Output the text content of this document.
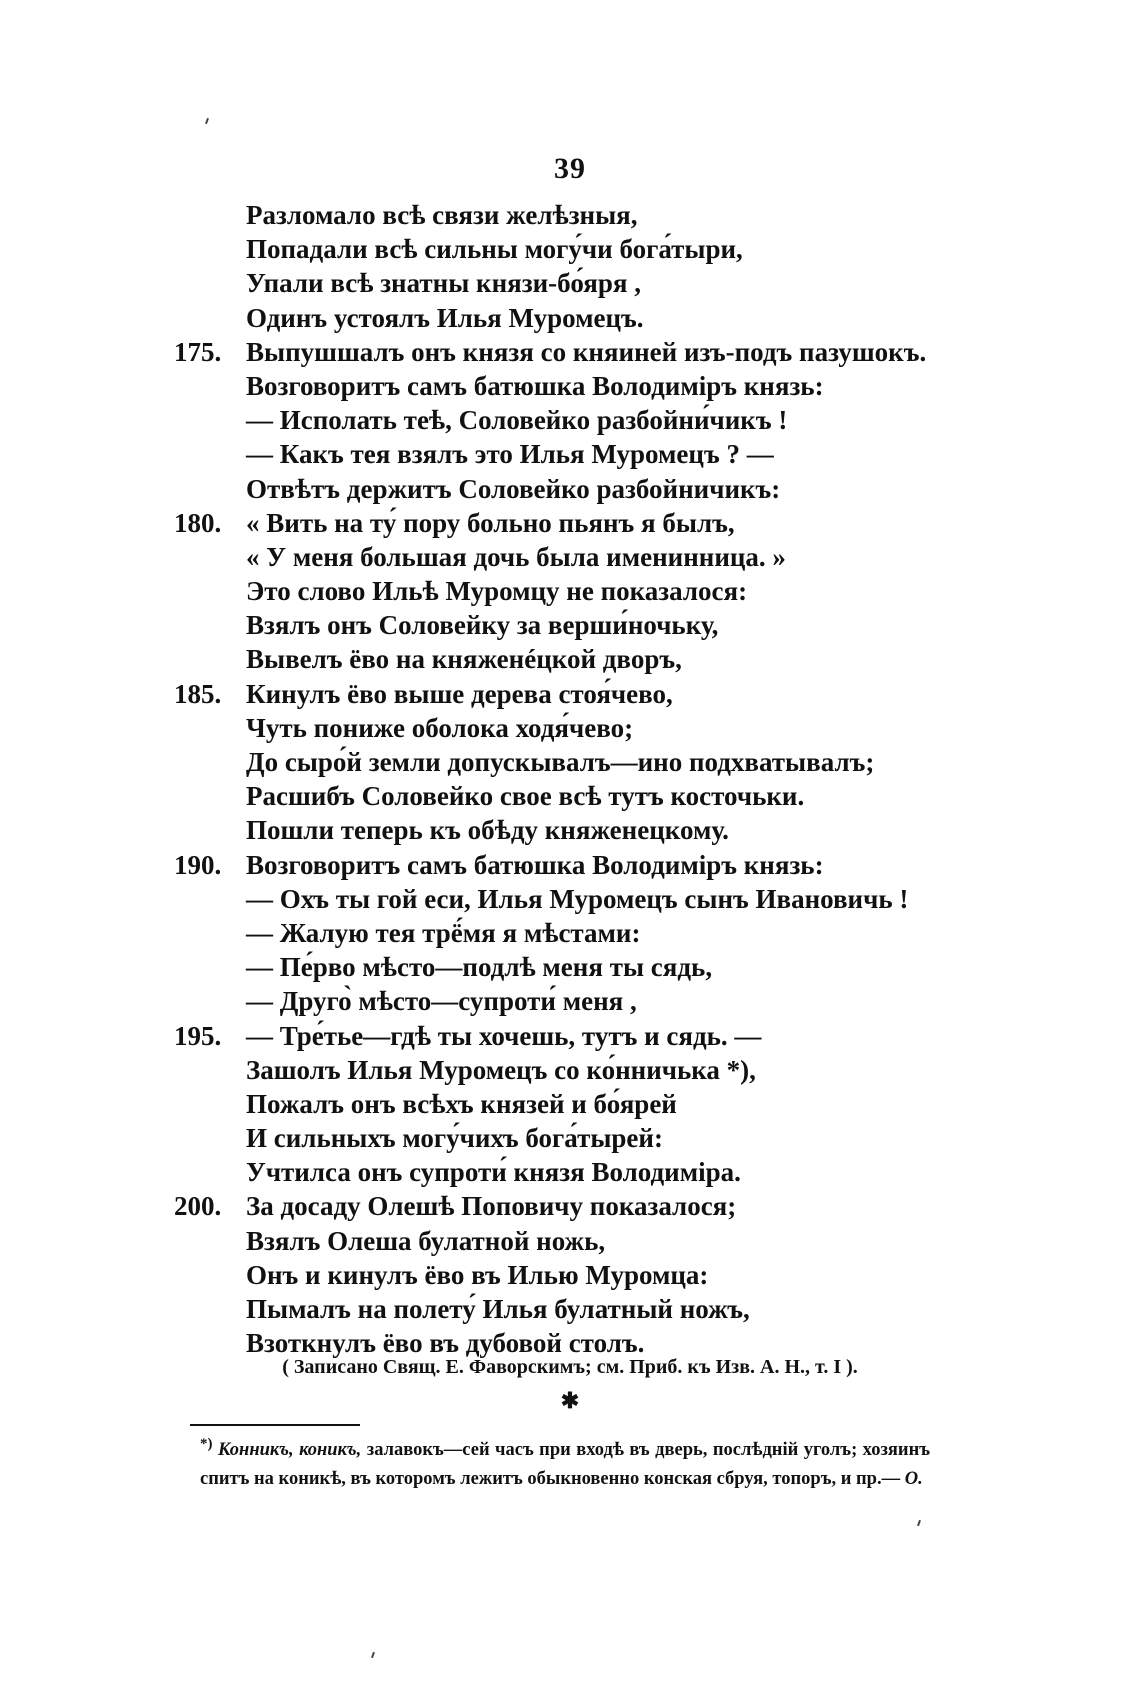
39
Разломало всѣ связи желѣзныя,
Попадали всѣ сильны могу́чи бога́тыри,
Упали всѣ знатны князи-бо́яря ,
Одинъ устоялъ Илья Муромецъ.
175. Выпушшалъ онъ князя со княиней изъ-подъ пазушокъ.
Возговоритъ самъ батюшка Володимiръ князь:
— Исполать теѣ, Соловейко разбойни́чикъ !
— Какъ тея взялъ это Илья Муромецъ ? —
Отвѣтъ держитъ Соловейко разбойничикъ:
180. « Вить на ту́ пору больно пьянъ я былъ,
« У меня большая дочь была именинница. »
Это слово Ильѣ Муромцу не показалося:
Взялъ онъ Соловейку за верши́ночьку,
Вывелъ ёво на княженéцкой дворъ,
185. Кинулъ ёво выше дерева стоя́чево,
Чуть пониже оболока ходя́чево;
До сыро́й земли допускывалъ—ино подхватывалъ;
Расшибъ Соловейко свое всѣ тутъ косточьки.
Пошли теперь къ обѣду княженецкому.
190. Возговоритъ самъ батюшка Володимiръ князь:
— Охъ ты гой еси, Илья Муромецъ сынъ Ивановичь !
— Жалую тея трё́мя я мѣстами:
— Пе́рво мѣсто—подлѣ меня ты сядь,
— Друго̀ мѣсто—супроти́ меня ,
195. — Тре́тье—гдѣ ты хочешь, тутъ и сядь. —
Зашолъ Илья Муромецъ со ко́нничька *),
Пожалъ онъ всѣхъ князей и бо́ярей
И сильныхъ могу́чихъ бога́тырей:
Учтилса онъ супроти́ князя Володимiра.
200. За досаду Олешѣ Поповичу показалося;
Взялъ Олеша булатной ножь,
Онъ и кинулъ ёво въ Илью Муромца:
Пымалъ на полету́ Илья булатный ножъ,
Взоткнулъ ёво въ дубовой столъ.
( Записано Свящ. Е. Фаворскимъ; см. Приб. къ Изв. А. Н., т. I ).
✱
*) Конникъ, коникъ, залавокъ—сей часъ при входѣ въ дверь, послѣдній уголъ; хозяинъ спитъ на коникѣ, въ которомъ лежитъ обыкновенно конская сбруя, топоръ, и пр.— О.
